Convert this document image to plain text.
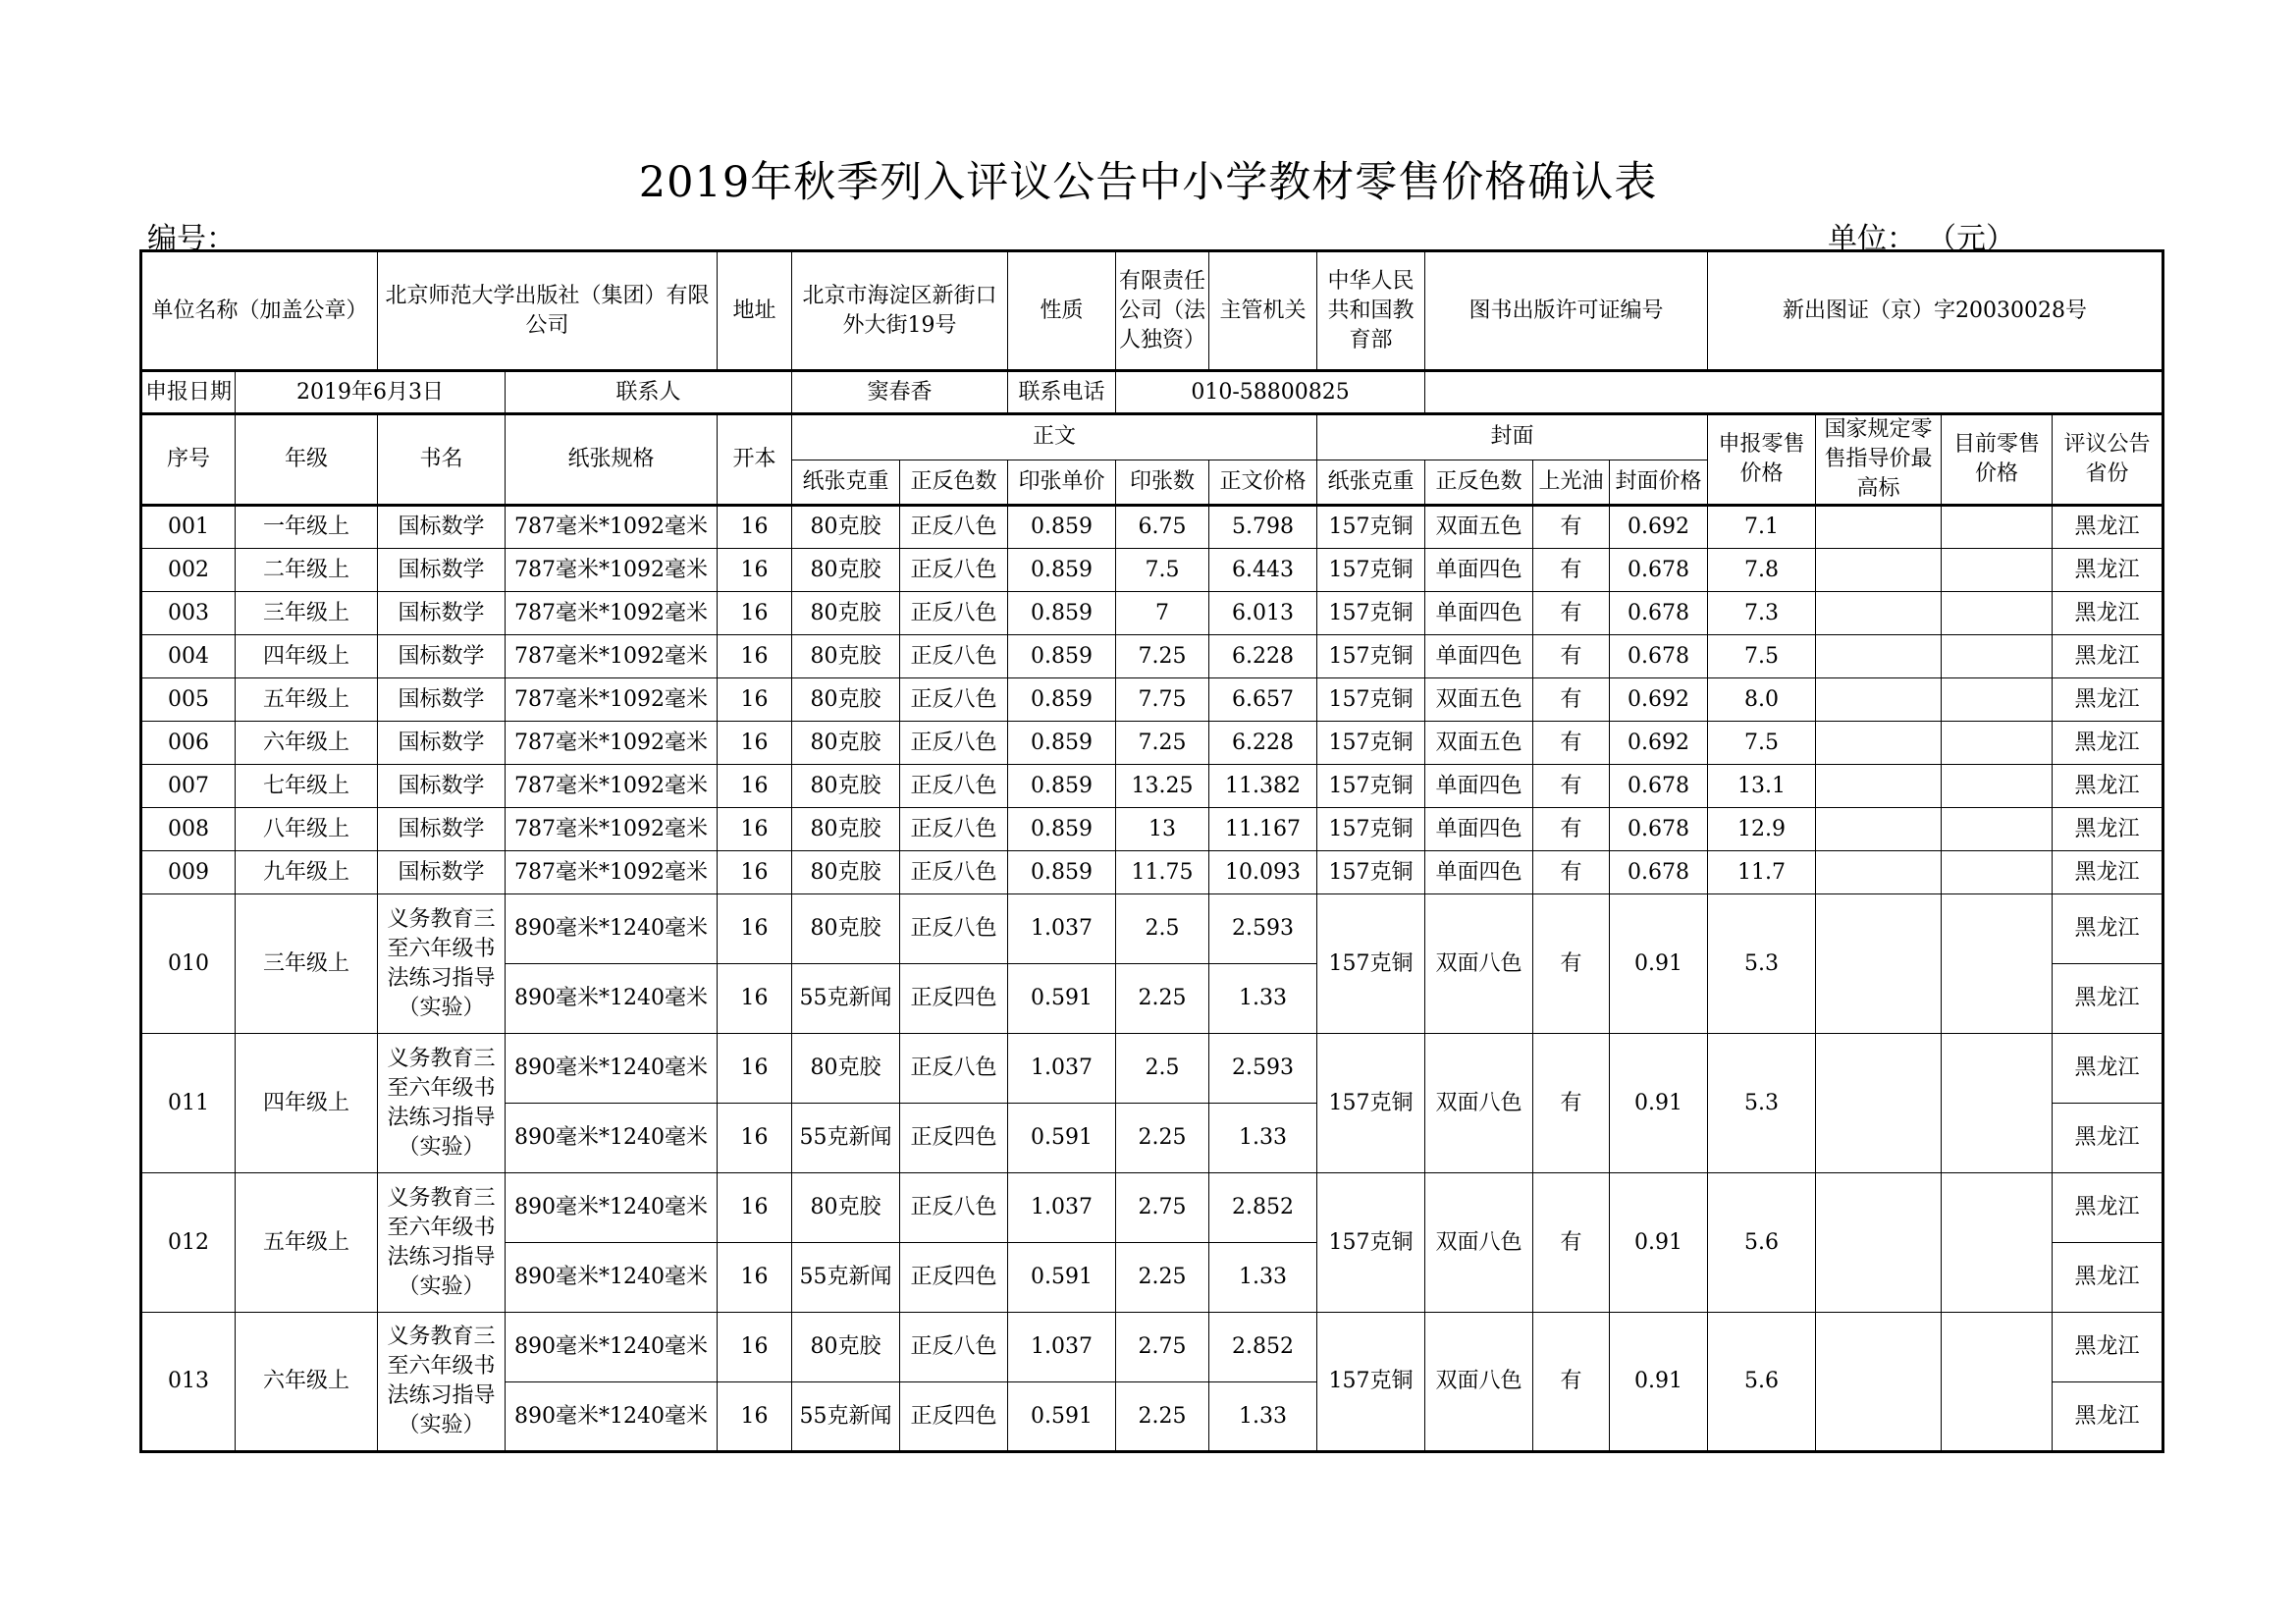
2019年秋季列入评议公告中小学教材零售价格确认表
编号：	单位： （元）
单位名称（加盖公章）		北京师范大学出版社（集团）有限公司		地址	北京市海淀区新街口外大街19号		性质	有限责任公司（法人独资）	主管机关	中华人民共和国教育部	图书出版许可证编号			新出图证（京）字20030028号			
申报日期	2019年6月3日		联系人		窦春香		联系电话	010-58800825									
序号	年级	书名	纸张规格	开本	正文					封面				申报零售价格	国家规定零售指导价最高标	目前零售价格	评议公告省份
					纸张克重	正反色数	印张单价	印张数	正文价格	纸张克重	正反色数	上光油	封面价格				
001	一年级上	国标数学	787毫米*1092毫米	16	80克胶	正反八色	0.859	6.75	5.798	157克铜	双面五色	有	0.692	7.1			黑龙江
002	二年级上	国标数学	787毫米*1092毫米	16	80克胶	正反八色	0.859	7.5	6.443	157克铜	单面四色	有	0.678	7.8			黑龙江
003	三年级上	国标数学	787毫米*1092毫米	16	80克胶	正反八色	0.859	7	6.013	157克铜	单面四色	有	0.678	7.3			黑龙江
004	四年级上	国标数学	787毫米*1092毫米	16	80克胶	正反八色	0.859	7.25	6.228	157克铜	单面四色	有	0.678	7.5			黑龙江
005	五年级上	国标数学	787毫米*1092毫米	16	80克胶	正反八色	0.859	7.75	6.657	157克铜	双面五色	有	0.692	8.0			黑龙江
006	六年级上	国标数学	787毫米*1092毫米	16	80克胶	正反八色	0.859	7.25	6.228	157克铜	双面五色	有	0.692	7.5			黑龙江
007	七年级上	国标数学	787毫米*1092毫米	16	80克胶	正反八色	0.859	13.25	11.382	157克铜	单面四色	有	0.678	13.1			黑龙江
008	八年级上	国标数学	787毫米*1092毫米	16	80克胶	正反八色	0.859	13	11.167	157克铜	单面四色	有	0.678	12.9			黑龙江
009	九年级上	国标数学	787毫米*1092毫米	16	80克胶	正反八色	0.859	11.75	10.093	157克铜	单面四色	有	0.678	11.7			黑龙江
010	三年级上	义务教育三至六年级书法练习指导（实验）	890毫米*1240毫米	16	80克胶	正反八色	1.037	2.5	2.593	157克铜	双面八色	有	0.91	5.3			黑龙江
			890毫米*1240毫米	16	55克新闻	正反四色	0.591	2.25	1.33								黑龙江
011	四年级上	义务教育三至六年级书法练习指导（实验）	890毫米*1240毫米	16	80克胶	正反八色	1.037	2.5	2.593	157克铜	双面八色	有	0.91	5.3			黑龙江
			890毫米*1240毫米	16	55克新闻	正反四色	0.591	2.25	1.33								黑龙江
012	五年级上	义务教育三至六年级书法练习指导（实验）	890毫米*1240毫米	16	80克胶	正反八色	1.037	2.75	2.852	157克铜	双面八色	有	0.91	5.6			黑龙江
			890毫米*1240毫米	16	55克新闻	正反四色	0.591	2.25	1.33								黑龙江
013	六年级上	义务教育三至六年级书法练习指导（实验）	890毫米*1240毫米	16	80克胶	正反八色	1.037	2.75	2.852	157克铜	双面八色	有	0.91	5.6			黑龙江
			890毫米*1240毫米	16	55克新闻	正反四色	0.591	2.25	1.33								黑龙江
